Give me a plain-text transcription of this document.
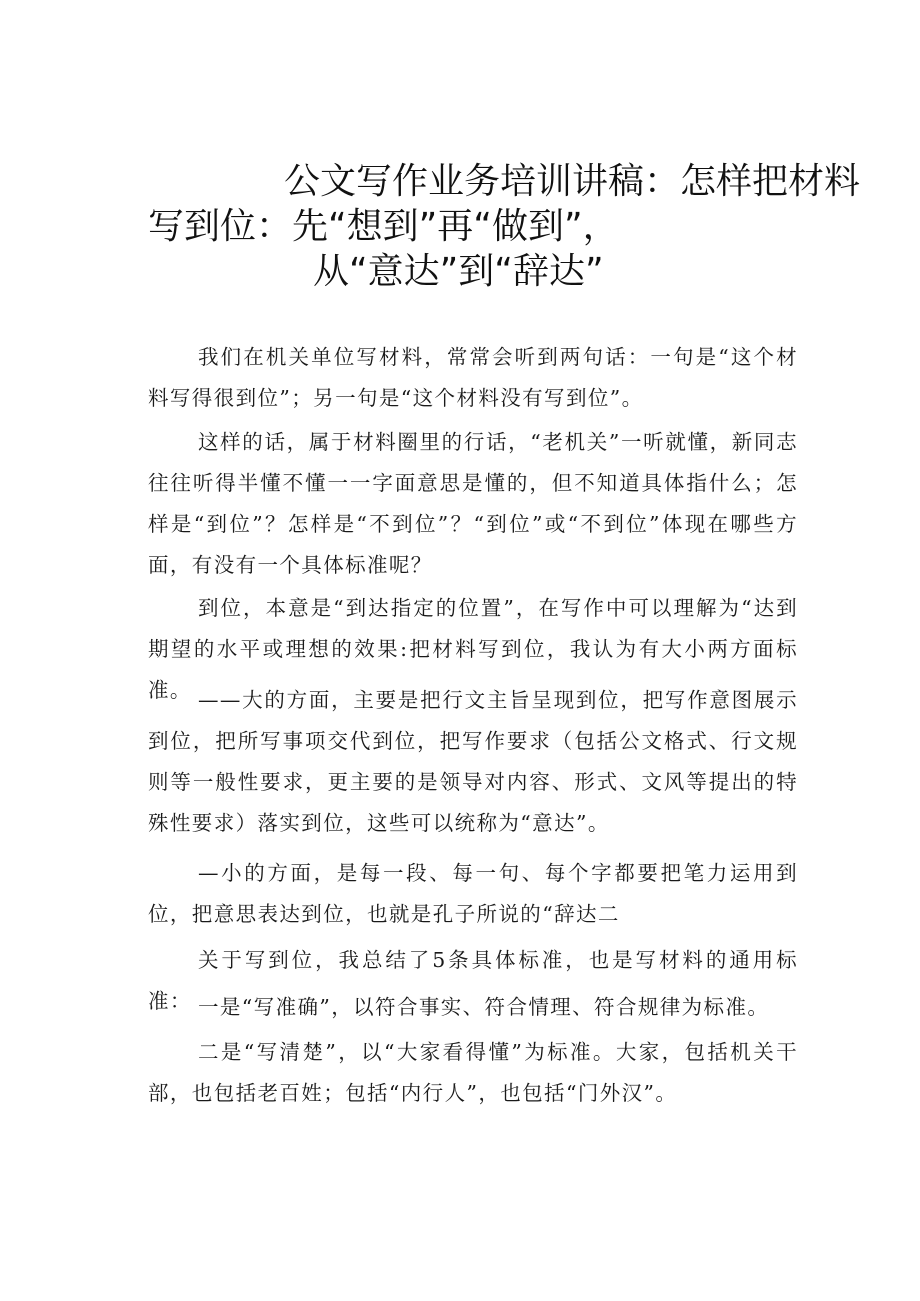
公文写作业务培训讲稿：怎样把材料
写到位：先“想到”再“做到”，
从“意达”到“辞达”

我们在机关单位写材料，常常会听到两句话：一句是“这个材料写得很到位”；另一句是“这个材料没有写到位”。

这样的话，属于材料圈里的行话，“老机关”一听就懂，新同志往往听得半懂不懂一一字面意思是懂的，但不知道具体指什么；怎样是“到位”？怎样是“不到位”？“到位”或“不到位”体现在哪些方面，有没有一个具体标准呢？

到位，本意是“到达指定的位置”，在写作中可以理解为“达到期望的水平或理想的效果:把材料写到位，我认为有大小两方面标准。 ——大的方面，主要是把行文主旨呈现到位，把写作意图展示到位，把所写事项交代到位，把写作要求（包括公文格式、行文规则等一般性要求，更主要的是领导对内容、形式、文风等提出的特殊性要求）落实到位，这些可以统称为“意达”。

—小的方面，是每一段、每一句、每个字都要把笔力运用到位，把意思表达到位，也就是孔子所说的“辞达二

关于写到位，我总结了5条具体标准，也是写材料的通用标准： 一是“写准确”，以符合事实、符合情理、符合规律为标准。

二是“写清楚”，以“大家看得懂”为标准。大家，包括机关干部，也包括老百姓；包括“内行人”，也包括“门外汉”。
